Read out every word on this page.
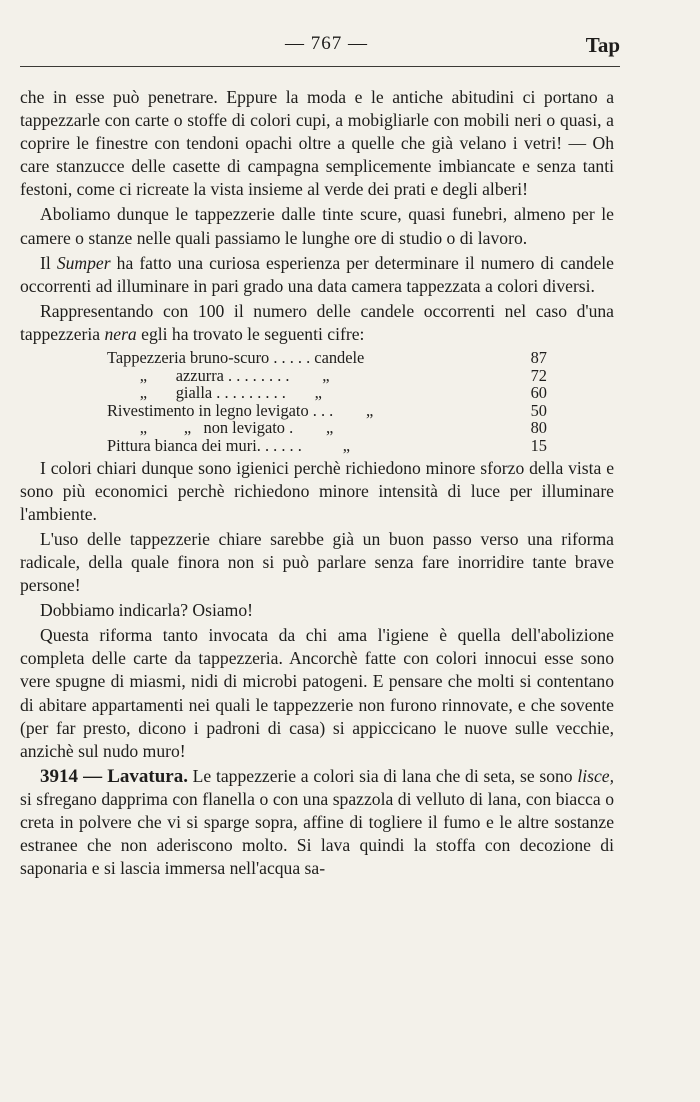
— 767 —	Tap

che in esse può penetrare. Eppure la moda e le antiche abitudini ci portano a tappezzarle con carte o stoffe di colori cupi, a mobigliarle con mobili neri o quasi, a coprire le finestre con tendoni opachi oltre a quelle che già velano i vetri! — Oh care stanzucce delle casette di campagna semplicemente imbiancate e senza tanti festoni, come ci ricreate la vista insieme al verde dei prati e degli alberi!

Aboliamo dunque le tappezzerie dalle tinte scure, quasi funebri, almeno per le camere o stanze nelle quali passiamo le lunghe ore di studio o di lavoro.

Il Sumper ha fatto una curiosa esperienza per determinare il numero di candele occorrenti ad illuminare in pari grado una data camera tappezzata a colori diversi.

Rappresentando con 100 il numero delle candele occorrenti nel caso d'una tappezzeria nera egli ha trovato le seguenti cifre:

Tappezzeria bruno-scuro . . . . . candele	87
„       azzurra . . . . . . . .        „	72
„       gialla . . . . . . . . .       „	60
Rivestimento in legno levigato . . .        „	50
„         „   non levigato .        „	80
Pittura bianca dei muri. . . . . .          „	15

I colori chiari dunque sono igienici perchè richiedono minore sforzo della vista e sono più economici perchè richiedono minore intensità di luce per illuminare l'ambiente.

L'uso delle tappezzerie chiare sarebbe già un buon passo verso una riforma radicale, della quale finora non si può parlare senza fare inorridire tante brave persone!

Dobbiamo indicarla? Osiamo!

Questa riforma tanto invocata da chi ama l'igiene è quella dell'abolizione completa delle carte da tappezzeria. Ancorchè fatte con colori innocui esse sono vere spugne di miasmi, nidi di microbi patogeni. E pensare che molti si contentano di abitare appartamenti nei quali le tappezzerie non furono rinnovate, e che sovente (per far presto, dicono i padroni di casa) si appiccicano le nuove sulle vecchie, anzichè sul nudo muro!

3914 — Lavatura. Le tappezzerie a colori sia di lana che di seta, se sono lisce, si sfregano dapprima con flanella o con una spazzola di velluto di lana, con biacca o creta in polvere che vi si sparge sopra, affine di togliere il fumo e le altre sostanze estranee che non aderiscono molto. Si lava quindi la stoffa con decozione di saponaria e si lascia immersa nell'acqua sa-
